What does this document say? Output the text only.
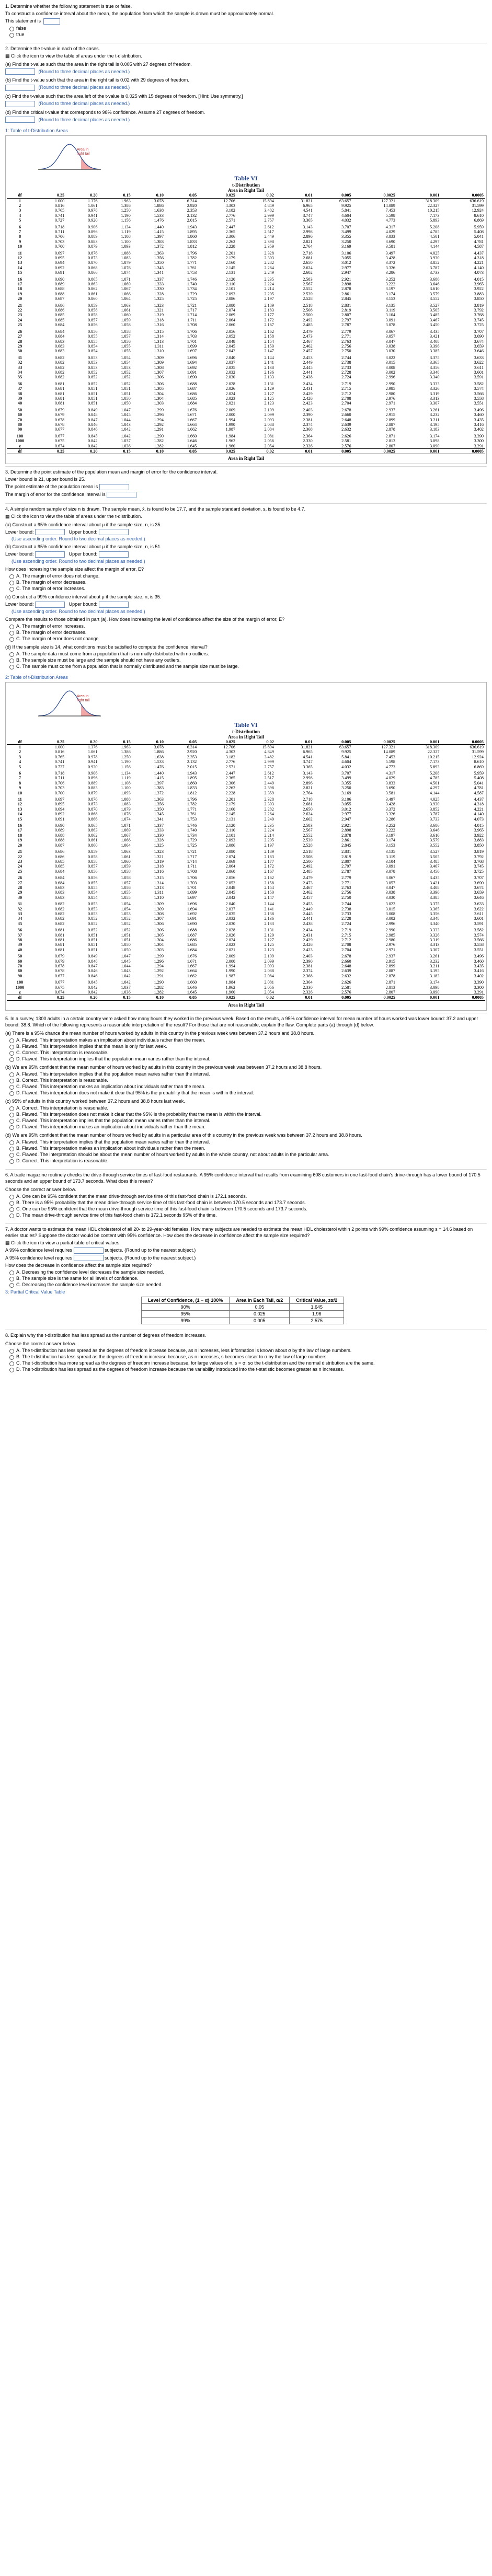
1. Determine whether the following statement is true or false.
To construct a confidence interval about the mean, the population from which the sample is drawn must be approximately normal.
This statement is
false
true
2. Determine the t-value in each of the cases.
▦ Click the icon to view the table of areas under the t-distribution.
(a) Find the t-value such that the area in the right tail is 0.005 with 27 degrees of freedom.
(Round to three decimal places as needed.)
(b) Find the t-value such that the area in the right tail is 0.02 with 29 degrees of freedom.
(Round to three decimal places as needed.)
(c) Find the t-value such that the area left of the t-value is 0.025 with 15 degrees of freedom. [Hint: Use symmetry.]
(Round to three decimal places as needed.)
(d) Find the critical t-value that corresponds to 98% confidence. Assume 27 degrees of freedom.
(Round to three decimal places as needed.)
1: Table of t-Distribution Areas
Area in
right tail
Table VI
t-Distribution
Area in Right Tail
df	0.25	0.20	0.15	0.10	0.05	0.025	0.02	0.01	0.005	0.0025	0.001	0.0005
1	1.000	1.376	1.963	3.078	6.314	12.706	15.894	31.821	63.657	127.321	318.309	636.619
2	0.816	1.061	1.386	1.886	2.920	4.303	4.849	6.965	9.925	14.089	22.327	31.599
3	0.765	0.978	1.250	1.638	2.353	3.182	3.482	4.541	5.841	7.453	10.215	12.924
4	0.741	0.941	1.190	1.533	2.132	2.776	2.999	3.747	4.604	5.598	7.173	8.610
5	0.727	0.920	1.156	1.476	2.015	2.571	2.757	3.365	4.032	4.773	5.893	6.869
6	0.718	0.906	1.134	1.440	1.943	2.447	2.612	3.143	3.707	4.317	5.208	5.959
7	0.711	0.896	1.119	1.415	1.895	2.365	2.517	2.998	3.499	4.029	4.785	5.408
8	0.706	0.889	1.108	1.397	1.860	2.306	2.449	2.896	3.355	3.833	4.501	5.041
9	0.703	0.883	1.100	1.383	1.833	2.262	2.398	2.821	3.250	3.690	4.297	4.781
10	0.700	0.879	1.093	1.372	1.812	2.228	2.359	2.764	3.169	3.581	4.144	4.587
11	0.697	0.876	1.088	1.363	1.796	2.201	2.328	2.718	3.106	3.497	4.025	4.437
12	0.695	0.873	1.083	1.356	1.782	2.179	2.303	2.681	3.055	3.428	3.930	4.318
13	0.694	0.870	1.079	1.350	1.771	2.160	2.282	2.650	3.012	3.372	3.852	4.221
14	0.692	0.868	1.076	1.345	1.761	2.145	2.264	2.624	2.977	3.326	3.787	4.140
15	0.691	0.866	1.074	1.341	1.753	2.131	2.249	2.602	2.947	3.286	3.733	4.073
16	0.690	0.865	1.071	1.337	1.746	2.120	2.235	2.583	2.921	3.252	3.686	4.015
17	0.689	0.863	1.069	1.333	1.740	2.110	2.224	2.567	2.898	3.222	3.646	3.965
18	0.688	0.862	1.067	1.330	1.734	2.101	2.214	2.552	2.878	3.197	3.610	3.922
19	0.688	0.861	1.066	1.328	1.729	2.093	2.205	2.539	2.861	3.174	3.579	3.883
20	0.687	0.860	1.064	1.325	1.725	2.086	2.197	2.528	2.845	3.153	3.552	3.850
21	0.686	0.859	1.063	1.323	1.721	2.080	2.189	2.518	2.831	3.135	3.527	3.819
22	0.686	0.858	1.061	1.321	1.717	2.074	2.183	2.508	2.819	3.119	3.505	3.792
23	0.685	0.858	1.060	1.319	1.714	2.069	2.177	2.500	2.807	3.104	3.485	3.768
24	0.685	0.857	1.059	1.318	1.711	2.064	2.172	2.492	2.797	3.091	3.467	3.745
25	0.684	0.856	1.058	1.316	1.708	2.060	2.167	2.485	2.787	3.078	3.450	3.725
26	0.684	0.856	1.058	1.315	1.706	2.056	2.162	2.479	2.779	3.067	3.435	3.707
27	0.684	0.855	1.057	1.314	1.703	2.052	2.158	2.473	2.771	3.057	3.421	3.690
28	0.683	0.855	1.056	1.313	1.701	2.048	2.154	2.467	2.763	3.047	3.408	3.674
29	0.683	0.854	1.055	1.311	1.699	2.045	2.150	2.462	2.756	3.038	3.396	3.659
30	0.683	0.854	1.055	1.310	1.697	2.042	2.147	2.457	2.750	3.030	3.385	3.646
31	0.682	0.853	1.054	1.309	1.696	2.040	2.144	2.453	2.744	3.022	3.375	3.633
32	0.682	0.853	1.054	1.309	1.694	2.037	2.141	2.449	2.738	3.015	3.365	3.622
33	0.682	0.853	1.053	1.308	1.692	2.035	2.138	2.445	2.733	3.008	3.356	3.611
34	0.682	0.852	1.052	1.307	1.691	2.032	2.136	2.441	2.728	3.002	3.348	3.601
35	0.682	0.852	1.052	1.306	1.690	2.030	2.133	2.438	2.724	2.996	3.340	3.591
36	0.681	0.852	1.052	1.306	1.688	2.028	2.131	2.434	2.719	2.990	3.333	3.582
37	0.681	0.851	1.051	1.305	1.687	2.026	2.129	2.431	2.715	2.985	3.326	3.574
38	0.681	0.851	1.051	1.304	1.686	2.024	2.127	2.429	2.712	2.980	3.319	3.566
39	0.681	0.851	1.050	1.304	1.685	2.023	2.125	2.426	2.708	2.976	3.313	3.558
40	0.681	0.851	1.050	1.303	1.684	2.021	2.123	2.423	2.704	2.971	3.307	3.551
50	0.679	0.849	1.047	1.299	1.676	2.009	2.109	2.403	2.678	2.937	3.261	3.496
60	0.679	0.848	1.045	1.296	1.671	2.000	2.099	2.390	2.660	2.915	3.232	3.460
70	0.678	0.847	1.044	1.294	1.667	1.994	2.093	2.381	2.648	2.899	3.211	3.435
80	0.678	0.846	1.043	1.292	1.664	1.990	2.088	2.374	2.639	2.887	3.195	3.416
90	0.677	0.846	1.042	1.291	1.662	1.987	2.084	2.368	2.632	2.878	3.183	3.402
100	0.677	0.845	1.042	1.290	1.660	1.984	2.081	2.364	2.626	2.871	3.174	3.390
1000	0.675	0.842	1.037	1.282	1.646	1.962	2.056	2.330	2.581	2.813	3.098	3.300
z	0.674	0.842	1.036	1.282	1.645	1.960	2.054	2.326	2.576	2.807	3.090	3.291
df	0.25	0.20	0.15	0.10	0.05	0.025	0.02	0.01	0.005	0.0025	0.001	0.0005
Area in Right Tail
3. Determine the point estimate of the population mean and margin of error for the confidence interval.
Lower bound is 21, upper bound is 25.
The point estimate of the population mean is
The margin of error for the confidence interval is
4. A simple random sample of size n is drawn. The sample mean, x̄, is found to be 17.7, and the sample standard deviation, s, is found to be 4.7.
▦ Click the icon to view the table of areas under the t-distribution.
(a) Construct a 95% confidence interval about μ if the sample size, n, is 35.
Lower bound:	Upper bound:
(Use ascending order. Round to two decimal places as needed.)
(b) Construct a 95% confidence interval about μ if the sample size, n, is 51.
Lower bound:	Upper bound:
(Use ascending order. Round to two decimal places as needed.)
How does increasing the sample size affect the margin of error, E?
A. The margin of error does not change.
B. The margin of error decreases.
C. The margin of error increases.
(c) Construct a 99% confidence interval about μ if the sample size, n, is 35.
Lower bound:	Upper bound:
(Use ascending order. Round to two decimal places as needed.)
Compare the results to those obtained in part (a). How does increasing the level of confidence affect the size of the margin of error, E?
A. The margin of error increases.
B. The margin of error decreases.
C. The margin of error does not change.
(d) If the sample size is 14, what conditions must be satisfied to compute the confidence interval?
A. The sample data must come from a population that is normally distributed with no outliers.
B. The sample size must be large and the sample should not have any outliers.
C. The sample must come from a population that is normally distributed and the sample size must be large.
2: Table of t-Distribution Areas
Area in
right tail
Table VI
t-Distribution
Area in Right Tail
df	0.25	0.20	0.15	0.10	0.05	0.025	0.02	0.01	0.005	0.0025	0.001	0.0005
1	1.000	1.376	1.963	3.078	6.314	12.706	15.894	31.821	63.657	127.321	318.309	636.619
2	0.816	1.061	1.386	1.886	2.920	4.303	4.849	6.965	9.925	14.089	22.327	31.599
3	0.765	0.978	1.250	1.638	2.353	3.182	3.482	4.541	5.841	7.453	10.215	12.924
4	0.741	0.941	1.190	1.533	2.132	2.776	2.999	3.747	4.604	5.598	7.173	8.610
5	0.727	0.920	1.156	1.476	2.015	2.571	2.757	3.365	4.032	4.773	5.893	6.869
6	0.718	0.906	1.134	1.440	1.943	2.447	2.612	3.143	3.707	4.317	5.208	5.959
7	0.711	0.896	1.119	1.415	1.895	2.365	2.517	2.998	3.499	4.029	4.785	5.408
8	0.706	0.889	1.108	1.397	1.860	2.306	2.449	2.896	3.355	3.833	4.501	5.041
9	0.703	0.883	1.100	1.383	1.833	2.262	2.398	2.821	3.250	3.690	4.297	4.781
10	0.700	0.879	1.093	1.372	1.812	2.228	2.359	2.764	3.169	3.581	4.144	4.587
11	0.697	0.876	1.088	1.363	1.796	2.201	2.328	2.718	3.106	3.497	4.025	4.437
12	0.695	0.873	1.083	1.356	1.782	2.179	2.303	2.681	3.055	3.428	3.930	4.318
13	0.694	0.870	1.079	1.350	1.771	2.160	2.282	2.650	3.012	3.372	3.852	4.221
14	0.692	0.868	1.076	1.345	1.761	2.145	2.264	2.624	2.977	3.326	3.787	4.140
15	0.691	0.866	1.074	1.341	1.753	2.131	2.249	2.602	2.947	3.286	3.733	4.073
16	0.690	0.865	1.071	1.337	1.746	2.120	2.235	2.583	2.921	3.252	3.686	4.015
17	0.689	0.863	1.069	1.333	1.740	2.110	2.224	2.567	2.898	3.222	3.646	3.965
18	0.688	0.862	1.067	1.330	1.734	2.101	2.214	2.552	2.878	3.197	3.610	3.922
19	0.688	0.861	1.066	1.328	1.729	2.093	2.205	2.539	2.861	3.174	3.579	3.883
20	0.687	0.860	1.064	1.325	1.725	2.086	2.197	2.528	2.845	3.153	3.552	3.850
21	0.686	0.859	1.063	1.323	1.721	2.080	2.189	2.518	2.831	3.135	3.527	3.819
22	0.686	0.858	1.061	1.321	1.717	2.074	2.183	2.508	2.819	3.119	3.505	3.792
23	0.685	0.858	1.060	1.319	1.714	2.069	2.177	2.500	2.807	3.104	3.485	3.768
24	0.685	0.857	1.059	1.318	1.711	2.064	2.172	2.492	2.797	3.091	3.467	3.745
25	0.684	0.856	1.058	1.316	1.708	2.060	2.167	2.485	2.787	3.078	3.450	3.725
26	0.684	0.856	1.058	1.315	1.706	2.056	2.162	2.479	2.779	3.067	3.435	3.707
27	0.684	0.855	1.057	1.314	1.703	2.052	2.158	2.473	2.771	3.057	3.421	3.690
28	0.683	0.855	1.056	1.313	1.701	2.048	2.154	2.467	2.763	3.047	3.408	3.674
29	0.683	0.854	1.055	1.311	1.699	2.045	2.150	2.462	2.756	3.038	3.396	3.659
30	0.683	0.854	1.055	1.310	1.697	2.042	2.147	2.457	2.750	3.030	3.385	3.646
31	0.682	0.853	1.054	1.309	1.696	2.040	2.144	2.453	2.744	3.022	3.375	3.633
32	0.682	0.853	1.054	1.309	1.694	2.037	2.141	2.449	2.738	3.015	3.365	3.622
33	0.682	0.853	1.053	1.308	1.692	2.035	2.138	2.445	2.733	3.008	3.356	3.611
34	0.682	0.852	1.052	1.307	1.691	2.032	2.136	2.441	2.728	3.002	3.348	3.601
35	0.682	0.852	1.052	1.306	1.690	2.030	2.133	2.438	2.724	2.996	3.340	3.591
36	0.681	0.852	1.052	1.306	1.688	2.028	2.131	2.434	2.719	2.990	3.333	3.582
37	0.681	0.851	1.051	1.305	1.687	2.026	2.129	2.431	2.715	2.985	3.326	3.574
38	0.681	0.851	1.051	1.304	1.686	2.024	2.127	2.429	2.712	2.980	3.319	3.566
39	0.681	0.851	1.050	1.304	1.685	2.023	2.125	2.426	2.708	2.976	3.313	3.558
40	0.681	0.851	1.050	1.303	1.684	2.021	2.123	2.423	2.704	2.971	3.307	3.551
50	0.679	0.849	1.047	1.299	1.676	2.009	2.109	2.403	2.678	2.937	3.261	3.496
60	0.679	0.848	1.045	1.296	1.671	2.000	2.099	2.390	2.660	2.915	3.232	3.460
70	0.678	0.847	1.044	1.294	1.667	1.994	2.093	2.381	2.648	2.899	3.211	3.435
80	0.678	0.846	1.043	1.292	1.664	1.990	2.088	2.374	2.639	2.887	3.195	3.416
90	0.677	0.846	1.042	1.291	1.662	1.987	2.084	2.368	2.632	2.878	3.183	3.402
100	0.677	0.845	1.042	1.290	1.660	1.984	2.081	2.364	2.626	2.871	3.174	3.390
1000	0.675	0.842	1.037	1.282	1.646	1.962	2.056	2.330	2.581	2.813	3.098	3.300
z	0.674	0.842	1.036	1.282	1.645	1.960	2.054	2.326	2.576	2.807	3.090	3.291
df	0.25	0.20	0.15	0.10	0.05	0.025	0.02	0.01	0.005	0.0025	0.001	0.0005
Area in Right Tail
5. In a survey, 1300 adults in a certain country were asked how many hours they worked in the previous week. Based on the results, a 95% confidence interval for mean number of hours worked was lower bound: 37.2 and upper bound: 38.8. Which of the following represents a reasonable interpretation of the result? For those that are not reasonable, explain the flaw. Complete parts (a) through (d) below.
(a) There is a 95% chance the mean number of hours worked by adults in this country in the previous week was between 37.2 hours and 38.8 hours.
A. Flawed. This interpretation makes an implication about individuals rather than the mean.
B. Flawed. This interpretation implies that the mean is only for last week.
C. Correct. This interpretation is reasonable.
D. Flawed. This interpretation implies that the population mean varies rather than the interval.
(b) We are 95% confident that the mean number of hours worked by adults in this country in the previous week was between 37.2 hours and 38.8 hours.
A. Flawed. This interpretation implies that the population mean varies rather than the interval.
B. Correct. This interpretation is reasonable.
C. Flawed. This interpretation makes an implication about individuals rather than the mean.
D. Flawed. This interpretation does not make it clear that 95% is the probability that the mean is within the interval.
(c) 95% of adults in this country worked between 37.2 hours and 38.8 hours last week.
A. Correct. This interpretation is reasonable.
B. Flawed. This interpretation does not make it clear that the 95% is the probability that the mean is within the interval.
C. Flawed. This interpretation implies that the population mean varies rather than the interval.
D. Flawed. This interpretation makes an implication about individuals rather than the mean.
(d) We are 95% confident that the mean number of hours worked by adults in a particular area of this country in the previous week was between 37.2 hours and 38.8 hours.
A. Flawed. This interpretation implies that the population mean varies rather than the interval.
B. Flawed. This interpretation makes an implication about individuals rather than the mean.
C. Flawed. The interpretation should be about the mean number of hours worked by adults in the whole country, not about adults in the particular area.
D. Correct. This interpretation is reasonable.
6. A trade magazine routinely checks the drive-through service times of fast-food restaurants. A 95% confidence interval that results from examining 608 customers in one fast-food chain's drive-through has a lower bound of 170.5 seconds and an upper bound of 173.7 seconds. What does this mean?
Choose the correct answer below.
A. One can be 95% confident that the mean drive-through service time of this fast-food chain is 172.1 seconds.
B. There is a 95% probability that the mean drive-through service time of this fast-food chain is between 170.5 seconds and 173.7 seconds.
C. One can be 95% confident that the mean drive-through service time of this fast-food chain is between 170.5 seconds and 173.7 seconds.
D. The mean drive-through service time of this fast-food chain is 172.1 seconds 95% of the time.
7. A doctor wants to estimate the mean HDL cholesterol of all 20- to 29-year-old females. How many subjects are needed to estimate the mean HDL cholesterol within 2 points with 99% confidence assuming s = 14.6 based on earlier studies? Suppose the doctor would be content with 95% confidence. How does the decrease in confidence affect the sample size required?
▦ Click the icon to view a partial table of critical values.
A 99% confidence level requires	subjects. (Round up to the nearest subject.)
A 95% confidence level requires	subjects. (Round up to the nearest subject.)
How does the decrease in confidence affect the sample size required?
A. Decreasing the confidence level decreases the sample size needed.
B. The sample size is the same for all levels of confidence.
C. Decreasing the confidence level increases the sample size needed.
3: Partial Critical Value Table
Level of Confidence, (1 − α)·100%	Area in Each Tail, α/2	Critical Value, zα/2
90%	0.05	1.645
95%	0.025	1.96
99%	0.005	2.575
8. Explain why the t-distribution has less spread as the number of degrees of freedom increases.
Choose the correct answer below.
A. The t-distribution has less spread as the degrees of freedom increase because, as n increases, less information is known about σ by the law of large numbers.
B. The t-distribution has less spread as the degrees of freedom increase because, as n increases, s becomes closer to σ by the law of large numbers.
C. The t-distribution has more spread as the degrees of freedom increase because, for large values of n, s = σ, so the t-distribution and the normal distribution are the same.
D. The t-distribution has less spread as the degrees of freedom increase because the variability introduced into the t-statistic becomes greater as n increases.
